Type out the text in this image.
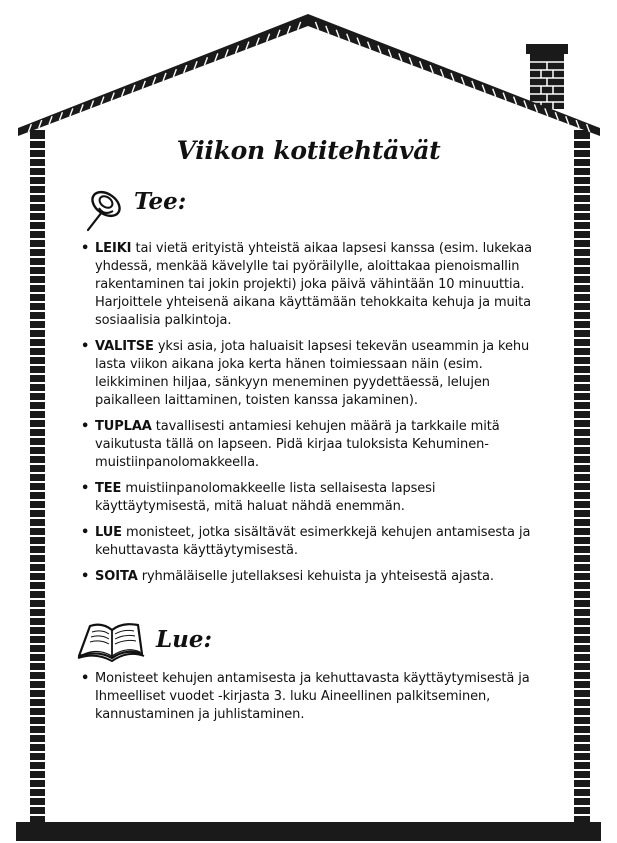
Viikon kotitehtävät
Tee:
• LEIKI tai vietä erityistä yhteistä aikaa lapsesi kanssa (esim. lukekaa yhdessä, menkää kävelylle tai pyöräilylle, aloittakaa pienoismallin rakentaminen tai jokin projekti) joka päivä vähintään 10 minuuttia. Harjoittele yhteisenä aikana käyttämään tehokkaita kehuja ja muita sosiaalisia palkintoja.
• VALITSE yksi asia, jota haluaisit lapsesi tekevän useammin ja kehu lasta viikon aikana joka kerta hänen toimiessaan näin (esim. leikkiminen hiljaa, sänkyyn meneminen pyydettäessä, lelujen paikalleen laittaminen, toisten kanssa jakaminen).
• TUPLAA tavallisesti antamiesi kehujen määrä ja tarkkaile mitä vaikutusta tällä on lapseen. Pidä kirjaa tuloksista Kehuminen-muistiinpanolomakkeella.
• TEE muistiinpanolomakkeelle lista sellaisesta lapsesi käyttäytymisestä, mitä haluat nähdä enemmän.
• LUE monisteet, jotka sisältävät esimerkkejä kehujen antamisesta ja kehuttavasta käyttäytymisestä.
• SOITA ryhmäläiselle jutellaksesi kehuista ja yhteisestä ajasta.
Lue:
• Monisteet kehujen antamisesta ja kehuttavasta käyttäytymisestä ja Ihmeelliset vuodet -kirjasta 3. luku Aineellinen palkitseminen, kannustaminen ja juhlistaminen.
